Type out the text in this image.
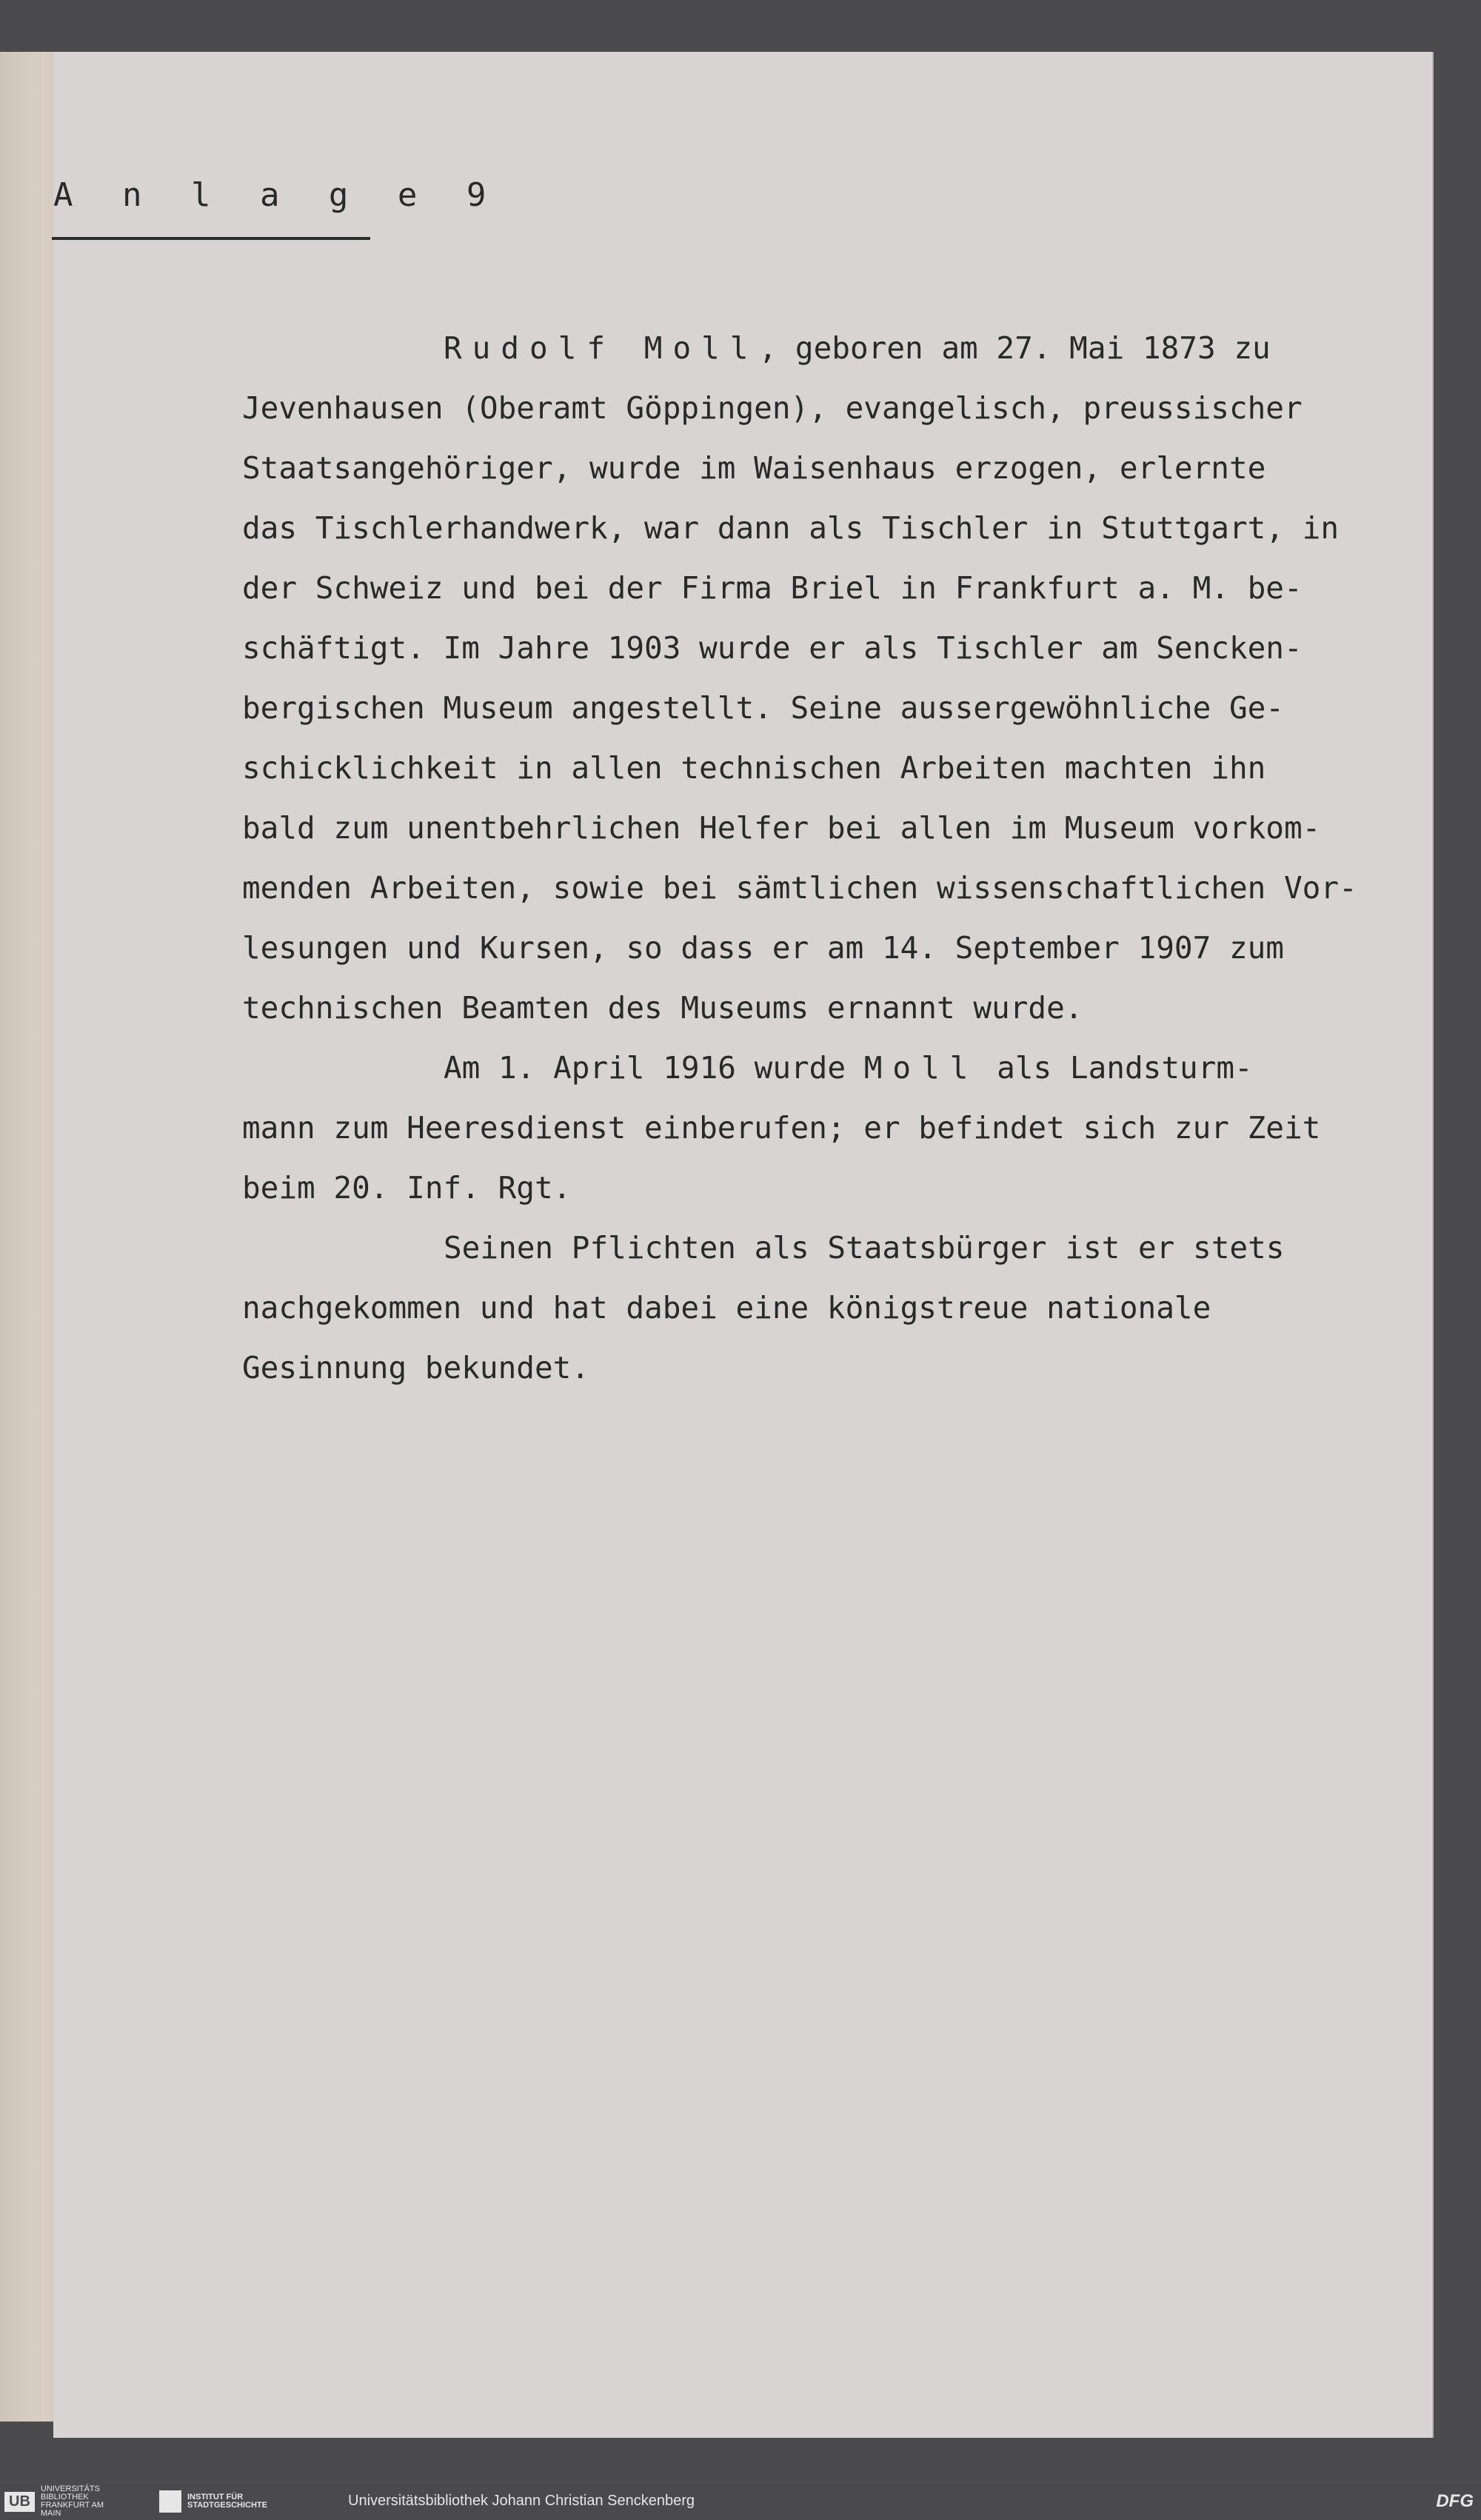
A n l a g e 9
Rudolf Moll, geboren am 27. Mai 1873 zu
Jevenhausen (Oberamt Göppingen), evangelisch, preussischer
Staatsangehöriger, wurde im Waisenhaus erzogen, erlernte
das Tischlerhandwerk, war dann als Tischler in Stuttgart, in
der Schweiz und bei der Firma Briel in Frankfurt a. M. be-
schäftigt. Im Jahre 1903 wurde er als Tischler am Sencken-
bergischen Museum angestellt. Seine aussergewöhnliche Ge-
schicklichkeit in allen technischen Arbeiten machten ihn
bald zum unentbehrlichen Helfer bei allen im Museum vorkom-
menden Arbeiten, sowie bei sämtlichen wissenschaftlichen Vor-
lesungen und Kursen, so dass er am 14. September 1907 zum
technischen Beamten des Museums ernannt wurde.
Am 1. April 1916 wurde Moll als Landsturm-
mann zum Heeresdienst einberufen; er befindet sich zur Zeit
beim 20. Inf. Rgt.
Seinen Pflichten als Staatsbürger ist er stets
nachgekommen und hat dabei eine königstreue nationale
Gesinnung bekundet.
UB
UNIVERSITÄTS BIBLIOTHEK FRANKFURT AM MAIN
INSTITUT FÜR STADTGESCHICHTE	Universitätsbibliothek Johann Christian Senckenberg	DFG
